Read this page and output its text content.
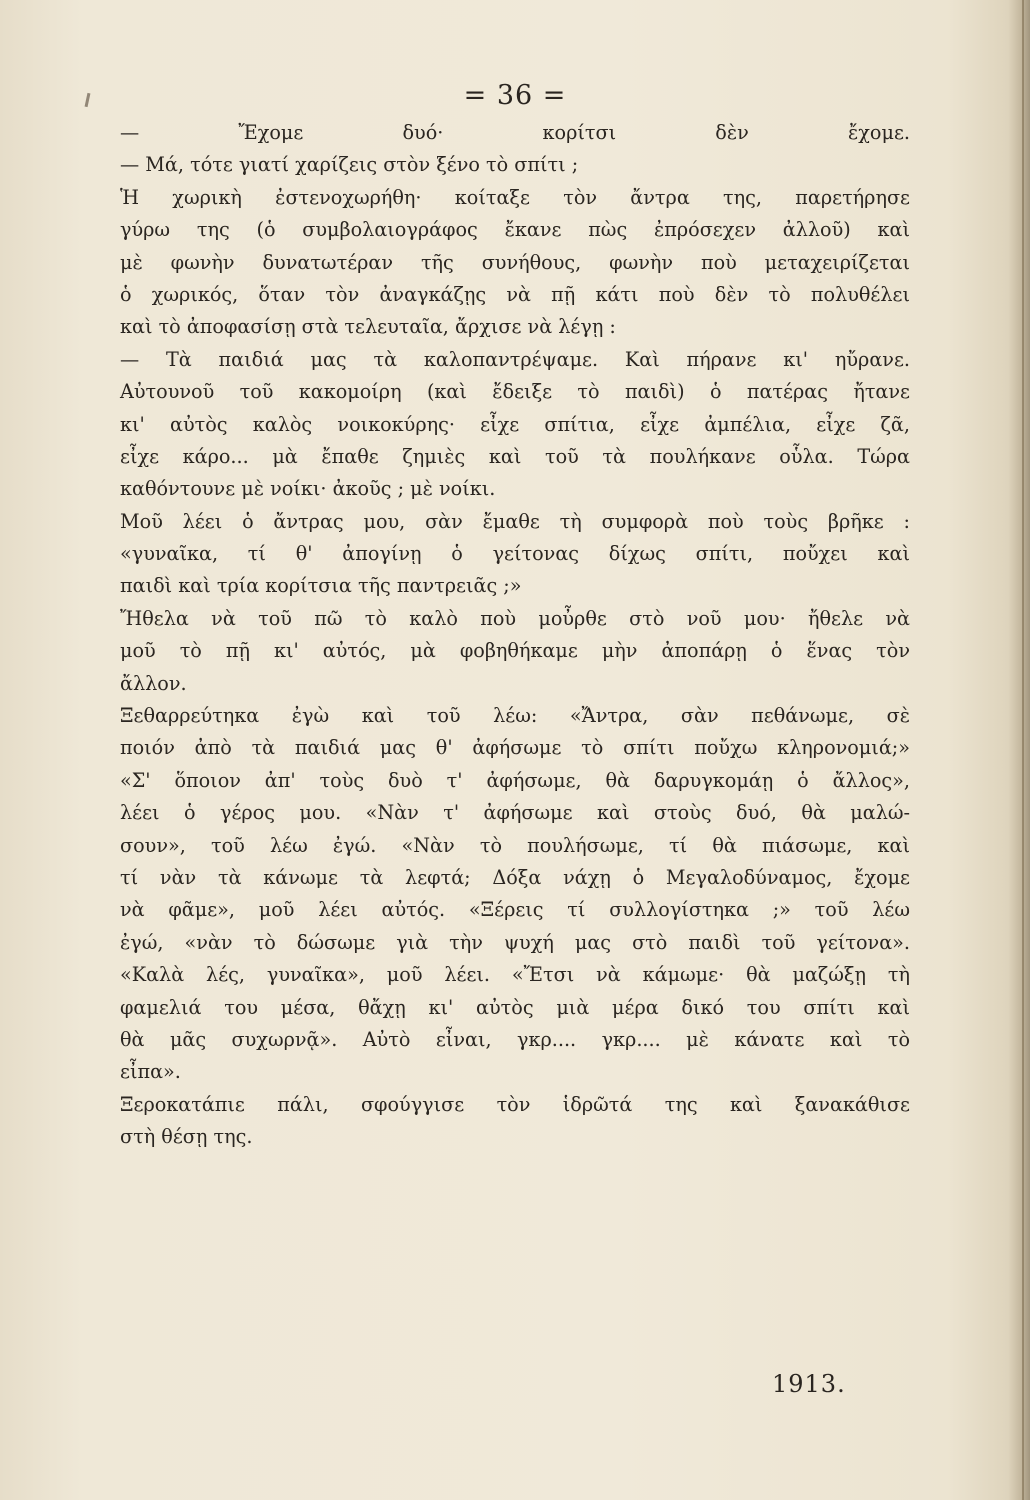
= 36 =
— Ἔχομε δυό· κορίτσι δὲν ἔχομε.
— Μά, τότε γιατί χαρίζεις στὸν ξένο τὸ σπίτι ;
Ἡ χωρικὴ ἐστενοχωρήθη· κοίταξε τὸν ἄντρα της, παρετήρησε
γύρω της (ὁ συμβολαιογράφος ἔκανε πὼς ἐπρόσεχεν ἀλλοῦ) καὶ
μὲ φωνὴν δυνατωτέραν τῆς συνήθους, φωνὴν ποὺ μεταχειρίζεται
ὁ χωρικός, ὅταν τὸν ἀναγκάζῃς νὰ πῇ κάτι ποὺ δὲν τὸ πολυθέλει
καὶ τὸ ἀποφασίσῃ στὰ τελευταῖα, ἄρχισε νὰ λέγῃ :
— Τὰ παιδιά μας τὰ καλοπαντρέψαμε. Καὶ πήρανε κι' ηὔρανε.
Αὐτουνοῦ τοῦ κακομοίρη (καὶ ἔδειξε τὸ παιδὶ) ὁ πατέρας ἤτανε
κι' αὐτὸς καλὸς νοικοκύρης· εἶχε σπίτια, εἶχε ἀμπέλια, εἶχε ζᾶ,
εἶχε κάρο... μὰ ἔπαθε ζημιὲς καὶ τοῦ τὰ πουλήκανε οὗλα. Τώρα
καθόντουνε μὲ νοίκι· ἀκοῦς ; μὲ νοίκι.
Μοῦ λέει ὁ ἄντρας μου, σὰν ἔμαθε τὴ συμφορὰ ποὺ τοὺς βρῆκε :
«γυναῖκα, τί θ' ἀπογίνῃ ὁ γείτονας δίχως σπίτι, ποὔχει καὶ
παιδὶ καὶ τρία κορίτσια τῆς παντρειᾶς ;»
Ἤθελα νὰ τοῦ πῶ τὸ καλὸ ποὺ μοὖρθε στὸ νοῦ μου· ἤθελε νὰ
μοῦ τὸ πῇ κι' αὐτός, μὰ φοβηθήκαμε μὴν ἀποπάρῃ ὁ ἕνας τὸν
ἄλλον.
Ξεθαρρεύτηκα ἐγὼ καὶ τοῦ λέω: «Ἄντρα, σὰν πεθάνωμε, σὲ
ποιόν ἀπὸ τὰ παιδιά μας θ' ἀφήσωμε τὸ σπίτι ποὔχω κληρονομιά;»
«Σ' ὅποιον ἀπ' τοὺς δυὸ τ' ἀφήσωμε, θὰ δαρυγκομάῃ ὁ ἄλλος»,
λέει ὁ γέρος μου. «Νὰν τ' ἀφήσωμε καὶ στοὺς δυό, θὰ μαλώ-
σουν», τοῦ λέω ἐγώ. «Νὰν τὸ πουλήσωμε, τί θὰ πιάσωμε, καὶ
τί νὰν τὰ κάνωμε τὰ λεφτά; Δόξα νάχῃ ὁ Μεγαλοδύναμος, ἔχομε
νὰ φᾶμε», μοῦ λέει αὐτός. «Ξέρεις τί συλλογίστηκα ;» τοῦ λέω
ἐγώ, «νὰν τὸ δώσωμε γιὰ τὴν ψυχή μας στὸ παιδὶ τοῦ γείτονα».
«Καλὰ λές, γυναῖκα», μοῦ λέει. «Ἔτσι νὰ κάμωμε· θὰ μαζώξῃ τὴ
φαμελιά του μέσα, θἄχῃ κι' αὐτὸς μιὰ μέρα δικό του σπίτι καὶ
θὰ μᾶς συχωρνᾷ». Αὐτὸ εἶναι, γκρ.... γκρ.... μὲ κάνατε καὶ τὸ
εἶπα».
Ξεροκατάπιε πάλι, σφούγγισε τὸν ἱδρῶτά της καὶ ξανακάθισε
στὴ θέσῃ της.
1913.
